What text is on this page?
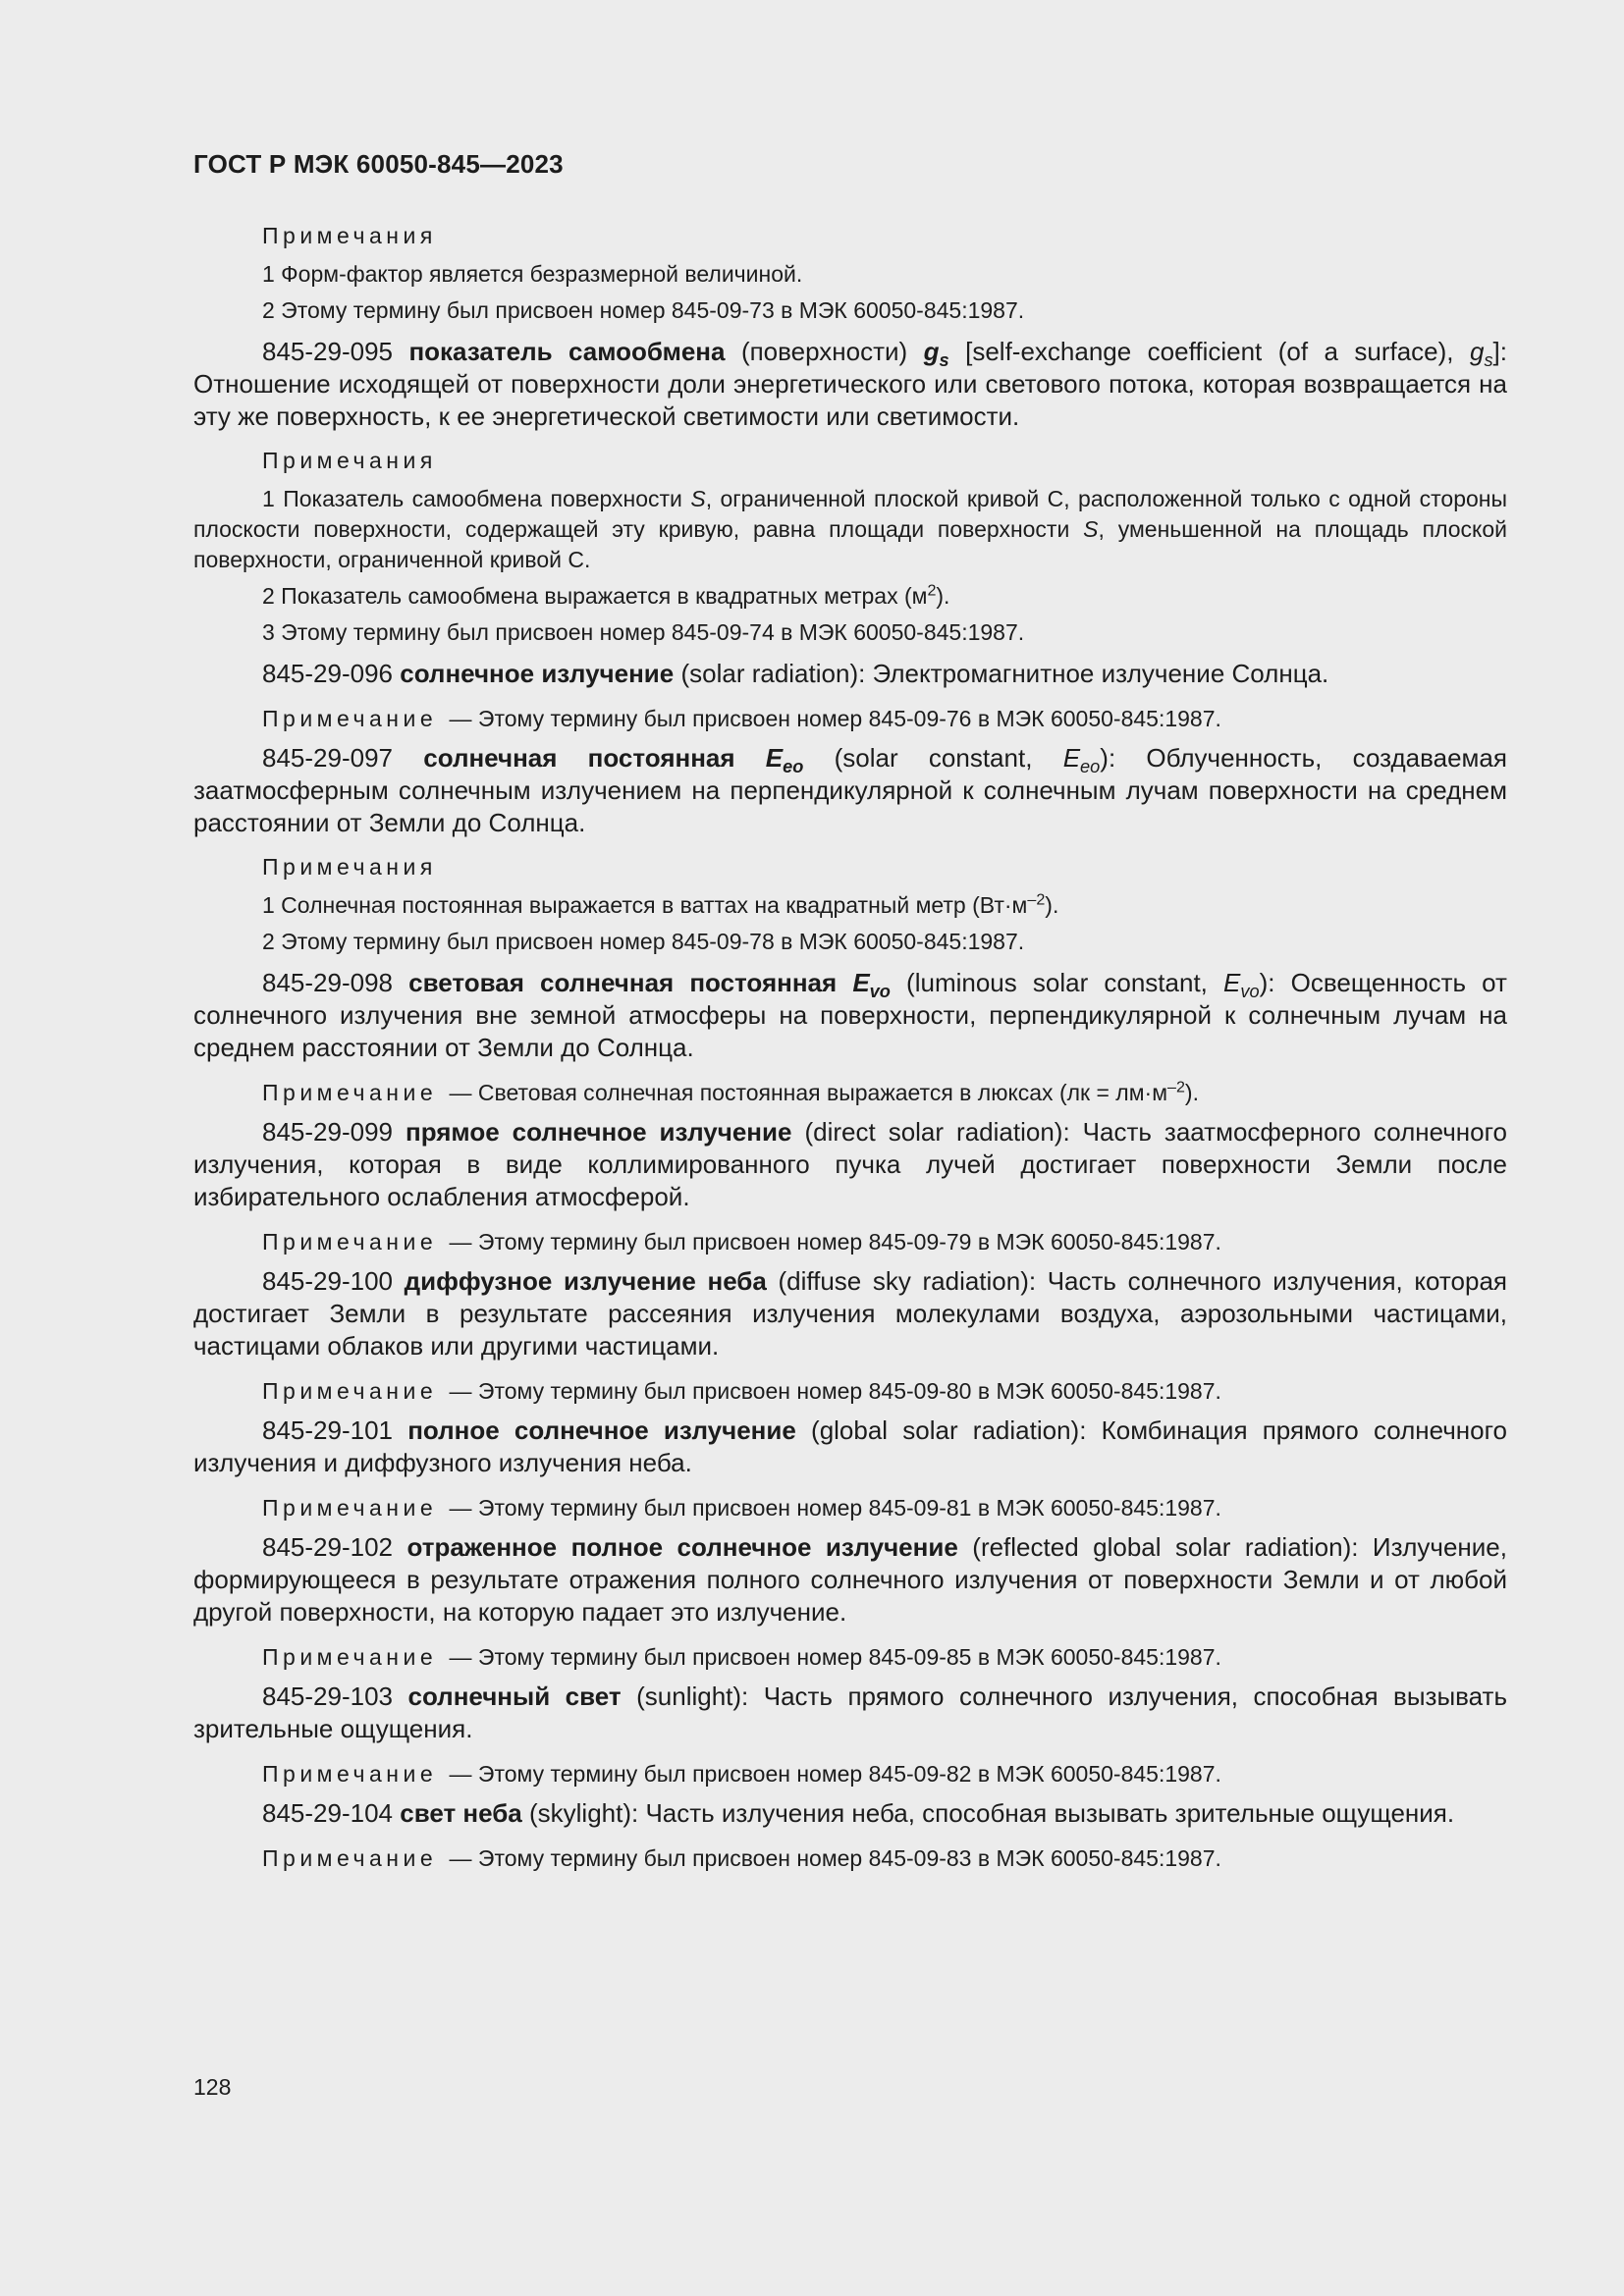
ГОСТ Р МЭК 60050-845—2023
Примечания
1 Форм-фактор является безразмерной величиной.
2 Этому термину был присвоен номер 845-09-73 в МЭК 60050-845:1987.
845-29-095 показатель самообмена (поверхности) $g_s$ [self-exchange coefficient (of a surface), $g_s$]: Отношение исходящей от поверхности доли энергетического или светового потока, которая возвращается на эту же поверхность, к ее энергетической светимости или светимости.
Примечания
1 Показатель самообмена поверхности S, ограниченной плоской кривой С, расположенной только с одной стороны плоскости поверхности, содержащей эту кривую, равна площади поверхности S, уменьшенной на площадь плоской поверхности, ограниченной кривой С.
2 Показатель самообмена выражается в квадратных метрах $(м^2)$.
3 Этому термину был присвоен номер 845-09-74 в МЭК 60050-845:1987.
845-29-096 солнечное излучение (solar radiation): Электромагнитное излучение Солнца.
Примечание — Этому термину был присвоен номер 845-09-76 в МЭК 60050-845:1987.
845-29-097 солнечная постоянная $E_{eo}$ (solar constant, $E_{eo}$): Облученность, создаваемая заатмосферным солнечным излучением на перпендикулярной к солнечным лучам поверхности на среднем расстоянии от Земли до Солнца.
Примечания
1 Солнечная постоянная выражается в ваттах на квадратный метр $(Вт\cdot м^{-2})$.
2 Этому термину был присвоен номер 845-09-78 в МЭК 60050-845:1987.
845-29-098 световая солнечная постоянная $E_{vo}$ (luminous solar constant, $E_{vo}$): Освещенность от солнечного излучения вне земной атмосферы на поверхности, перпендикулярной к солнечным лучам на среднем расстоянии от Земли до Солнца.
Примечание — Световая солнечная постоянная выражается в люксах $(лк = лм\cdot м^{-2})$.
845-29-099 прямое солнечное излучение (direct solar radiation): Часть заатмосферного солнечного излучения, которая в виде коллимированного пучка лучей достигает поверхности Земли после избирательного ослабления атмосферой.
Примечание — Этому термину был присвоен номер 845-09-79 в МЭК 60050-845:1987.
845-29-100 диффузное излучение неба (diffuse sky radiation): Часть солнечного излучения, которая достигает Земли в результате рассеяния излучения молекулами воздуха, аэрозольными частицами, частицами облаков или другими частицами.
Примечание — Этому термину был присвоен номер 845-09-80 в МЭК 60050-845:1987.
845-29-101 полное солнечное излучение (global solar radiation): Комбинация прямого солнечного излучения и диффузного излучения неба.
Примечание — Этому термину был присвоен номер 845-09-81 в МЭК 60050-845:1987.
845-29-102 отраженное полное солнечное излучение (reflected global solar radiation): Излучение, формирующееся в результате отражения полного солнечного излучения от поверхности Земли и от любой другой поверхности, на которую падает это излучение.
Примечание — Этому термину был присвоен номер 845-09-85 в МЭК 60050-845:1987.
845-29-103 солнечный свет (sunlight): Часть прямого солнечного излучения, способная вызывать зрительные ощущения.
Примечание — Этому термину был присвоен номер 845-09-82 в МЭК 60050-845:1987.
845-29-104 свет неба (skylight): Часть излучения неба, способная вызывать зрительные ощущения.
Примечание — Этому термину был присвоен номер 845-09-83 в МЭК 60050-845:1987.
128
